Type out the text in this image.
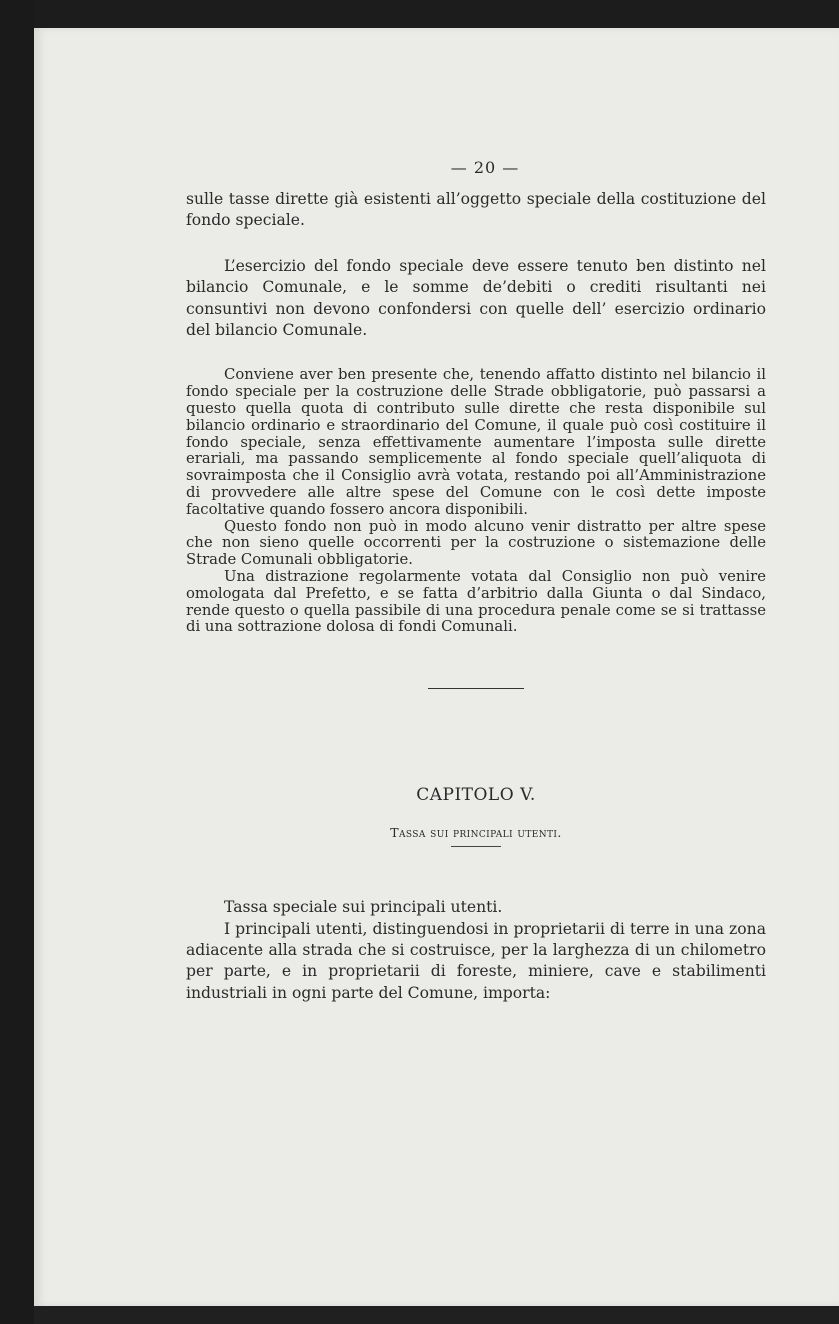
— 20 —

sulle tasse dirette già esistenti all’oggetto speciale della costituzione del fondo speciale.

L’esercizio del fondo speciale deve essere tenuto ben distinto nel bilancio Comunale, e le somme de’debiti o crediti risultanti nei consuntivi non devono confondersi con quelle dell’ esercizio ordinario del bilancio Comunale.

Conviene aver ben presente che, tenendo affatto distinto nel bilancio il fondo speciale per la costruzione delle Strade obbligatorie, può passarsi a questo quella quota di contributo sulle dirette che resta disponibile sul bilancio ordinario e straordinario del Comune, il quale può così costituire il fondo speciale, senza effettivamente aumentare l’imposta sulle dirette erariali, ma passando semplicemente al fondo speciale quell’aliquota di sovraimposta che il Consiglio avrà votata, restando poi all’Amministrazione di provvedere alle altre spese del Comune con le così dette imposte facoltative quando fossero ancora disponibili.

Questo fondo non può in modo alcuno venir distratto per altre spese che non sieno quelle occorrenti per la costruzione o sistemazione delle Strade Comunali obbligatorie.

Una distrazione regolarmente votata dal Consiglio non può venire omologata dal Prefetto, e se fatta d’arbitrio dalla Giunta o dal Sindaco, rende questo o quella passibile di una procedura penale come se si trattasse di una sottrazione dolosa di fondi Comunali.

CAPITOLO V.

Tassa sui principali utenti.

Tassa speciale sui principali utenti.

I principali utenti, distinguendosi in proprietarii di terre in una zona adiacente alla strada che si costruisce, per la larghezza di un chilometro per parte, e in proprietarii di foreste, miniere, cave e stabilimenti industriali in ogni parte del Comune, importa:
